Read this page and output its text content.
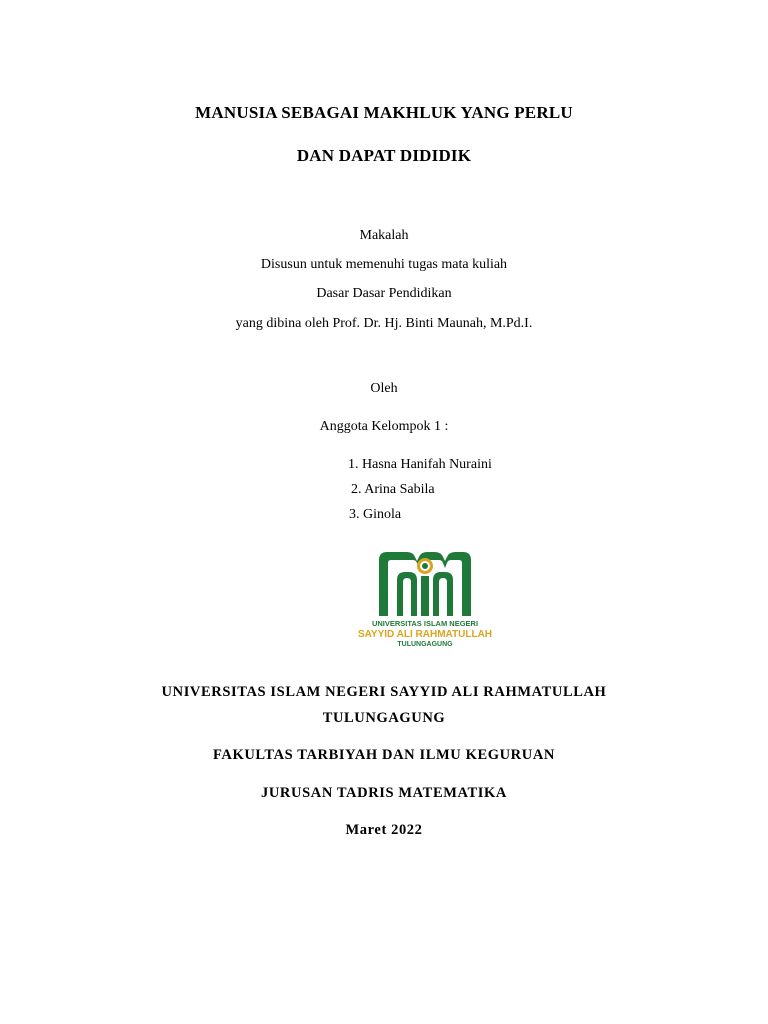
MANUSIA SEBAGAI MAKHLUK YANG PERLU
DAN DAPAT DIDIDIK
Makalah
Disusun untuk memenuhi tugas mata kuliah
Dasar Dasar Pendidikan
yang dibina oleh Prof. Dr. Hj. Binti Maunah, M.Pd.I.
Oleh
Anggota Kelompok 1 :
1. Hasna Hanifah Nuraini
2. Arina Sabila
3. Ginola
UNIVERSITAS ISLAM NEGERI
SAYYID ALI RAHMATULLAH
TULUNGAGUNG
UNIVERSITAS ISLAM NEGERI SAYYID ALI RAHMATULLAH
TULUNGAGUNG
FAKULTAS TARBIYAH DAN ILMU KEGURUAN
JURUSAN TADRIS MATEMATIKA
Maret 2022
